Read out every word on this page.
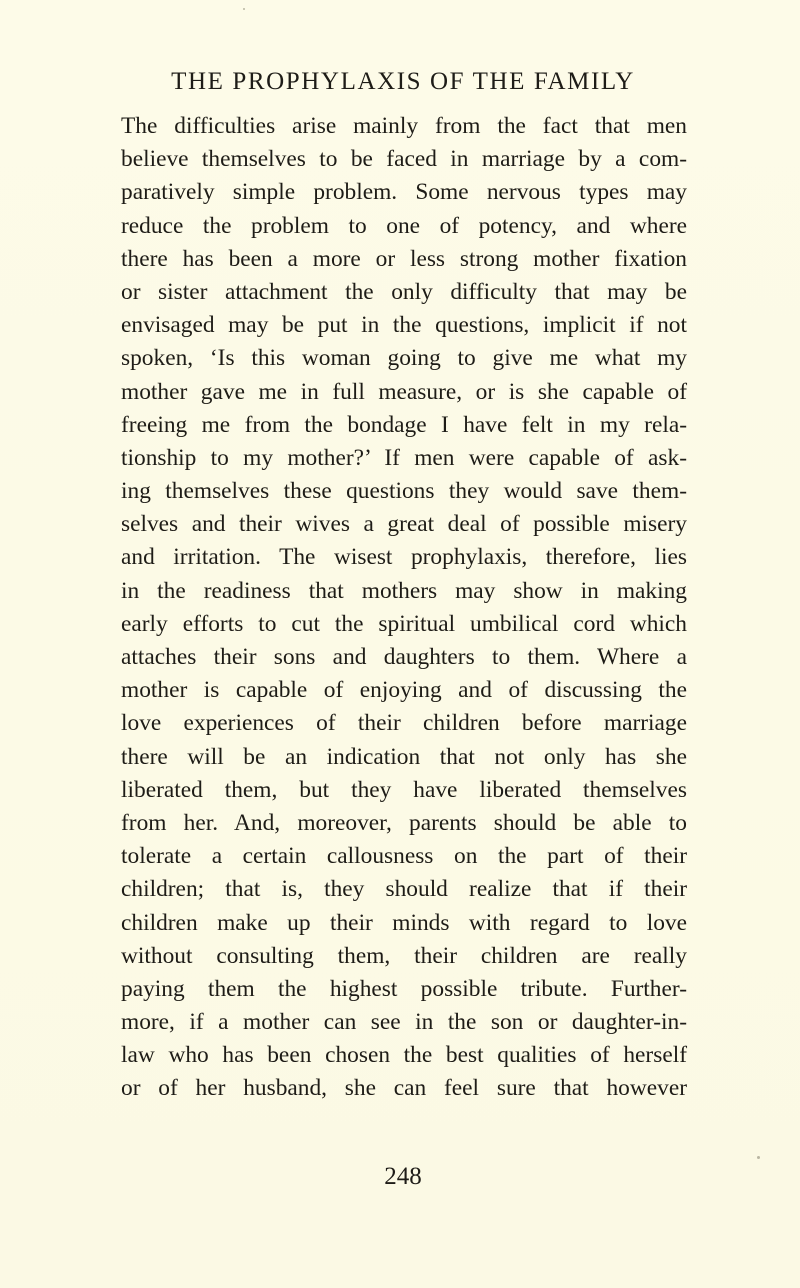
THE PROPHYLAXIS OF THE FAMILY
The difficulties arise mainly from the fact that men
believe themselves to be faced in marriage by a com-
paratively simple problem. Some nervous types may
reduce the problem to one of potency, and where
there has been a more or less strong mother fixation
or sister attachment the only difficulty that may be
envisaged may be put in the questions, implicit if not
spoken, ‘Is this woman going to give me what my
mother gave me in full measure, or is she capable of
freeing me from the bondage I have felt in my rela-
tionship to my mother?’ If men were capable of ask-
ing themselves these questions they would save them-
selves and their wives a great deal of possible misery
and irritation. The wisest prophylaxis, therefore, lies
in the readiness that mothers may show in making
early efforts to cut the spiritual umbilical cord which
attaches their sons and daughters to them. Where a
mother is capable of enjoying and of discussing the
love experiences of their children before marriage
there will be an indication that not only has she
liberated them, but they have liberated themselves
from her. And, moreover, parents should be able to
tolerate a certain callousness on the part of their
children; that is, they should realize that if their
children make up their minds with regard to love
without consulting them, their children are really
paying them the highest possible tribute. Further-
more, if a mother can see in the son or daughter-in-
law who has been chosen the best qualities of herself
or of her husband, she can feel sure that however
248
